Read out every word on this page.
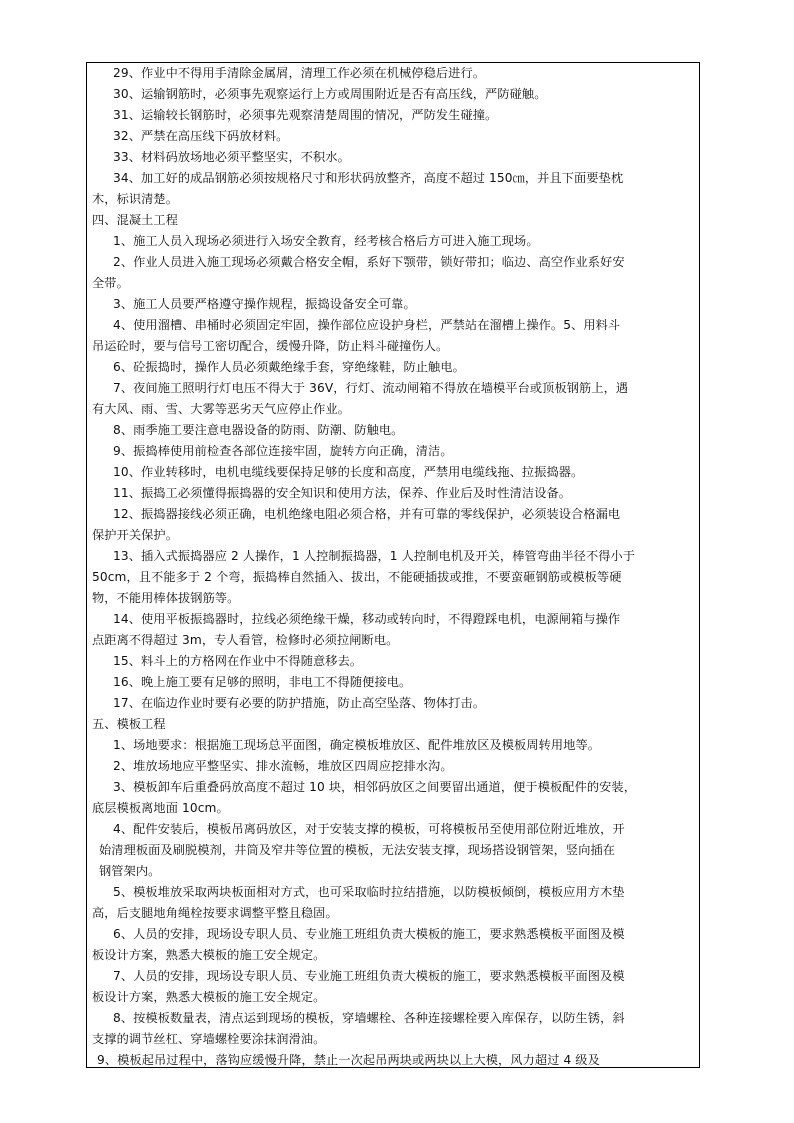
29、作业中不得用手清除金属屑，清理工作必须在机械停稳后进行。
30、运输钢筋时，必须事先观察运行上方或周围附近是否有高压线，严防碰触。
31、运输较长钢筋时，必须事先观察清楚周围的情况，严防发生碰撞。
32、严禁在高压线下码放材料。
33、材料码放场地必须平整坚实，不积水。
34、加工好的成品钢筋必须按规格尺寸和形状码放整齐，高度不超过 150㎝，并且下面要垫枕
木，标识清楚。
四、混凝土工程
1、施工人员入现场必须进行入场安全教育，经考核合格后方可进入施工现场。
2、作业人员进入施工现场必须戴合格安全帽，系好下颚带，锁好带扣；临边、高空作业系好安
全带。
3、施工人员要严格遵守操作规程，振捣设备安全可靠。
4、使用溜槽、串桶时必须固定牢固，操作部位应设护身栏，严禁站在溜槽上操作。5、用料斗
吊运砼时，要与信号工密切配合，缓慢升降，防止料斗碰撞伤人。
6、砼振捣时，操作人员必须戴绝缘手套，穿绝缘鞋，防止触电。
7、夜间施工照明行灯电压不得大于 36V，行灯、流动闸箱不得放在墙模平台或顶板钢筋上，遇
有大风、雨、雪、大雾等恶劣天气应停止作业。
8、雨季施工要注意电器设备的防雨、防潮、防触电。
9、振捣棒使用前检查各部位连接牢固，旋转方向正确，清洁。
10、作业转移时，电机电缆线要保持足够的长度和高度，严禁用电缆线拖、拉振捣器。
11、振捣工必须懂得振捣器的安全知识和使用方法，保养、作业后及时性清洁设备。
12、振捣器接线必须正确，电机绝缘电阻必须合格，并有可靠的零线保护，必须装设合格漏电
保护开关保护。
13、插入式振捣器应 2 人操作，1 人控制振捣器，1 人控制电机及开关，棒管弯曲半径不得小于
50cm，且不能多于 2 个弯，振捣棒自然插入、拔出，不能硬插拔或推，不要蛮砸钢筋或模板等硬
物，不能用棒体拔钢筋等。
14、使用平板振捣器时，拉线必须绝缘干燥，移动或转向时，不得蹬踩电机，电源闸箱与操作
点距离不得超过 3m，专人看管，检修时必须拉闸断电。
15、料斗上的方格网在作业中不得随意移去。
16、晚上施工要有足够的照明，非电工不得随便接电。
17、在临边作业时要有必要的防护措施，防止高空坠落、物体打击。
五、模板工程
1、场地要求：根据施工现场总平面图，确定模板堆放区、配件堆放区及模板周转用地等。
2、堆放场地应平整坚实、排水流畅，堆放区四周应挖排水沟。
3、模板卸车后重叠码放高度不超过 10 块，相邻码放区之间要留出通道，便于模板配件的安装，
底层模板离地面 10cm。
4、配件安装后，模板吊离码放区，对于安装支撑的模板，可将模板吊至使用部位附近堆放，开
始清理板面及刷脱模剂，井筒及窄井等位置的模板，无法安装支撑，现场搭设钢管架，竖向插在
钢管架内。
5、模板堆放采取两块板面相对方式，也可采取临时拉结措施，以防模板倾倒，模板应用方木垫
高，后支腿地角绳栓按要求调整平整且稳固。
6、人员的安排，现场设专职人员、专业施工班组负责大模板的施工，要求熟悉模板平面图及模
板设计方案，熟悉大模板的施工安全规定。
7、人员的安排，现场设专职人员、专业施工班组负责大模板的施工，要求熟悉模板平面图及模
板设计方案，熟悉大模板的施工安全规定。
8、按模板数量表，清点运到现场的模板，穿墙螺栓、各种连接螺栓要入库保存，以防生锈，斜
支撑的调节丝杠、穿墙螺栓要涂抹润滑油。
9、模板起吊过程中，落钩应缓慢升降，禁止一次起吊两块或两块以上大模，风力超过 4 级及
